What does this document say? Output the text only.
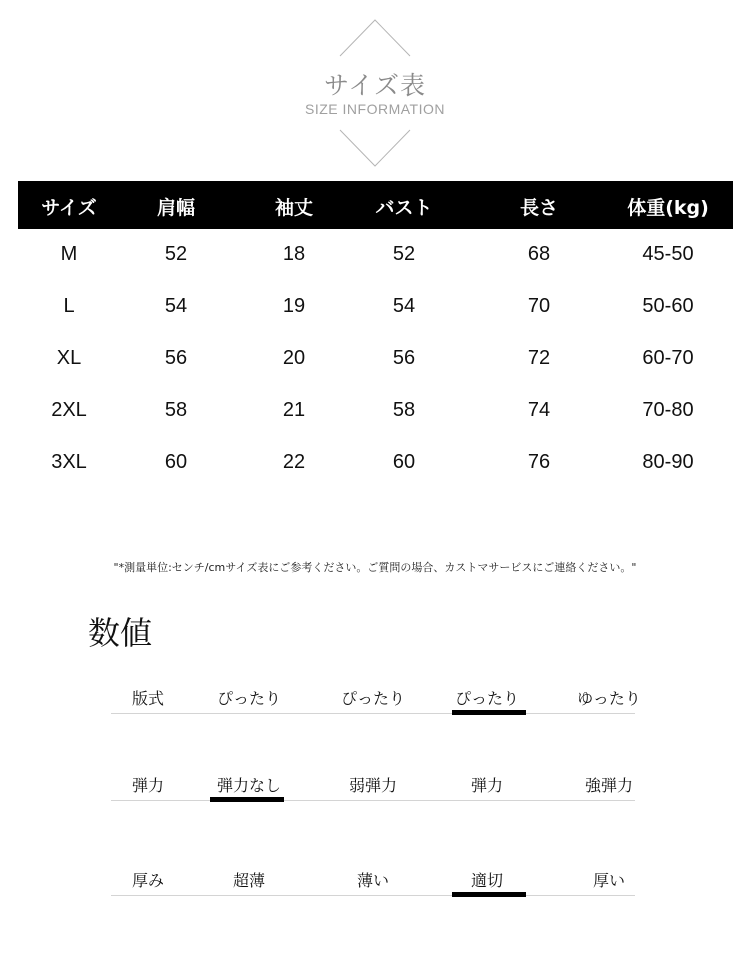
サイズ表
SIZE INFORMATION
サイズ	肩幅	袖丈	バスト	長さ	体重(kg)
M	52	18	52	68	45-50
L	54	19	54	70	50-60
XL	56	20	56	72	60-70
2XL	58	21	58	74	70-80
3XL	60	22	60	76	80-90
"*測量単位:センチ/cmサイズ表にご参考ください。ご質問の場合、カストマサービスにご連絡ください。"
数値
版式	ぴったり	ぴったり	ぴったり	ゆったり
弾力	弾力なし	弱弾力	弾力	強弾力
厚み	超薄	薄い	適切	厚い
